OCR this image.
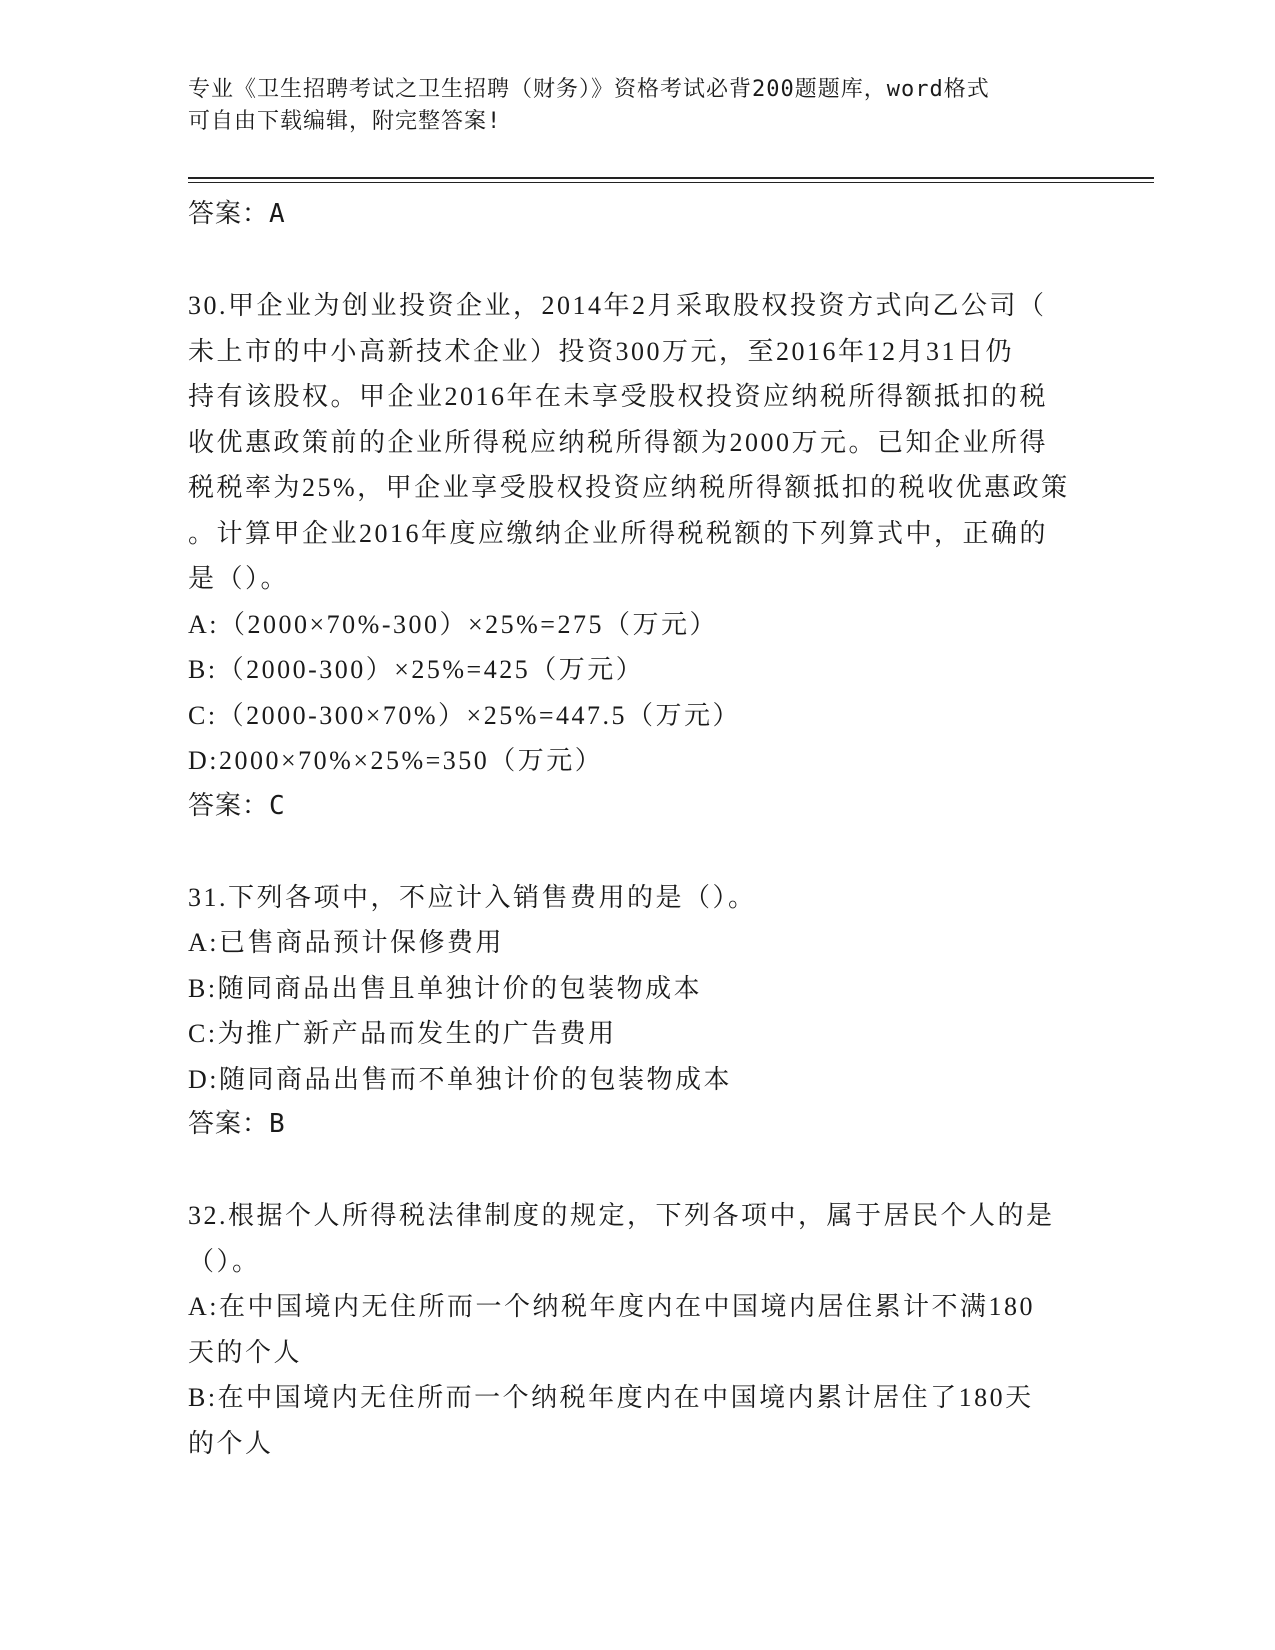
专业《卫生招聘考试之卫生招聘（财务）》资格考试必背200题题库，word格式
可自由下载编辑，附完整答案!
答案：A
30.甲企业为创业投资企业，2014年2月采取股权投资方式向乙公司（
未上市的中小高新技术企业）投资300万元，至2016年12月31日仍
持有该股权。甲企业2016年在未享受股权投资应纳税所得额抵扣的税
收优惠政策前的企业所得税应纳税所得额为2000万元。已知企业所得
税税率为25%，甲企业享受股权投资应纳税所得额抵扣的税收优惠政策
。计算甲企业2016年度应缴纳企业所得税税额的下列算式中，正确的
是（）。
A:（2000×70%-300）×25%=275（万元）
B:（2000-300）×25%=425（万元）
C:（2000-300×70%）×25%=447.5（万元）
D:2000×70%×25%=350（万元）
答案：C
31.下列各项中，不应计入销售费用的是（）。
A:已售商品预计保修费用
B:随同商品出售且单独计价的包装物成本
C:为推广新产品而发生的广告费用
D:随同商品出售而不单独计价的包装物成本
答案：B
32.根据个人所得税法律制度的规定，下列各项中，属于居民个人的是
（）。
A:在中国境内无住所而一个纳税年度内在中国境内居住累计不满180
天的个人
B:在中国境内无住所而一个纳税年度内在中国境内累计居住了180天
的个人
